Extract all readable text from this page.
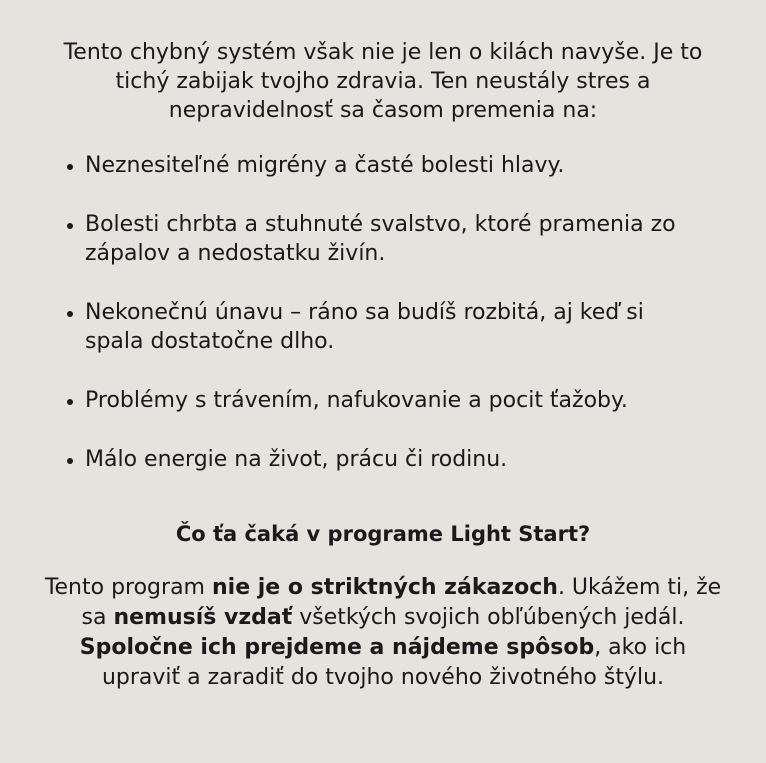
Tento chybný systém však nie je len o kilách navyše. Je to tichý zabijak tvojho zdravia. Ten neustály stres a nepravidelnosť sa časom premenia na:

Neznesiteľné migrény a časté bolesti hlavy.
Bolesti chrbta a stuhnuté svalstvo, ktoré pramenia zo zápalov a nedostatku živín.
Nekonečnú únavu – ráno sa budíš rozbitá, aj keď si spala dostatočne dlho.
Problémy s trávením, nafukovanie a pocit ťažoby.
Málo energie na život, prácu či rodinu.
Čo ťa čaká v programe Light Start?

Tento program nie je o striktných zákazoch. Ukážem ti, že sa nemusíš vzdať všetkých svojich obľúbených jedál. Spoločne ich prejdeme a nájdeme spôsob, ako ich upraviť a zaradiť do tvojho nového životného štýlu.
